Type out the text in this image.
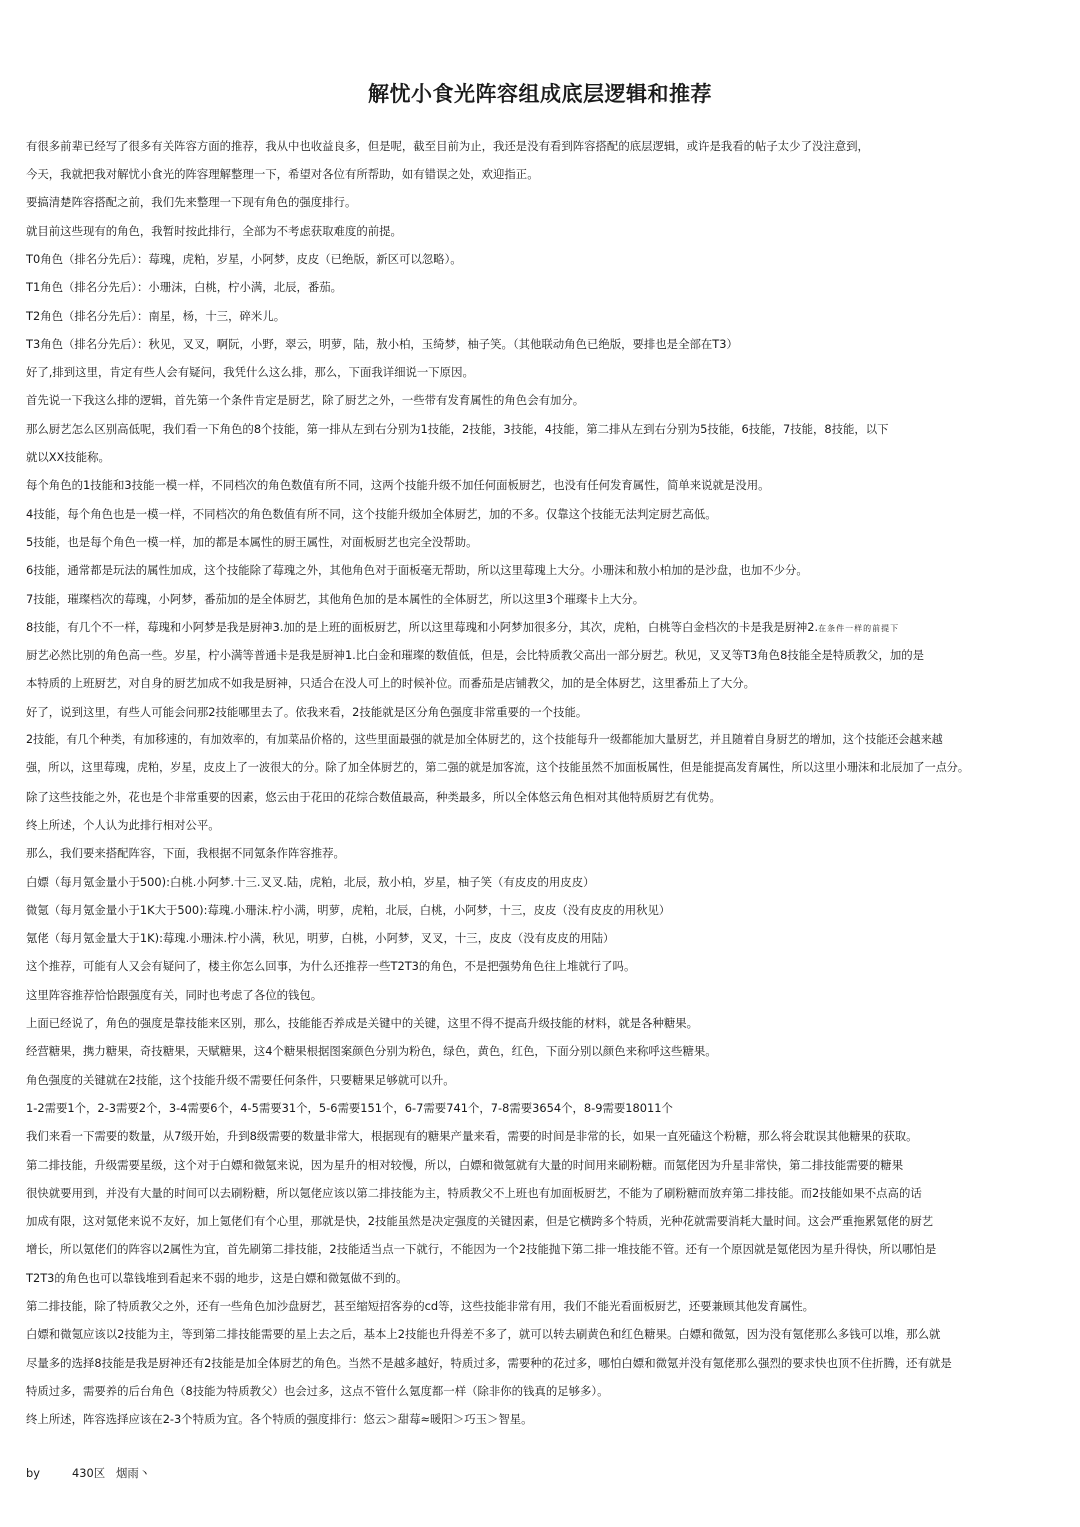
解忧小食光阵容组成底层逻辑和推荐

有很多前辈已经写了很多有关阵容方面的推荐，我从中也收益良多，但是呢，截至目前为止，我还是没有看到阵容搭配的底层逻辑，或许是我看的帖子太少了没注意到，

今天，我就把我对解忧小食光的阵容理解整理一下，希望对各位有所帮助，如有错误之处，欢迎指正。

要搞清楚阵容搭配之前，我们先来整理一下现有角色的强度排行。

就目前这些现有的角色，我暂时按此排行，全部为不考虑获取难度的前提。

T0角色（排名分先后）：莓瑰，虎粕，岁星，小阿梦，皮皮（已绝版，新区可以忽略）。

T1角色（排名分先后）：小珊沫，白桃，柠小满，北辰，番茄。

T2角色（排名分先后）：南星，杨，十三，碎米儿。

T3角色（排名分先后）：秋见，叉叉，啊阮，小野，翠云，明萝，陆，敖小柏，玉绮梦，柚子笑。（其他联动角色已绝版，要排也是全部在T3）

好了,排到这里，肯定有些人会有疑问，我凭什么这么排，那么，下面我详细说一下原因。

首先说一下我这么排的逻辑，首先第一个条件肯定是厨艺，除了厨艺之外，一些带有发育属性的角色会有加分。

那么厨艺怎么区别高低呢，我们看一下角色的8个技能，第一排从左到右分别为1技能，2技能，3技能，4技能，第二排从左到右分别为5技能，6技能，7技能，8技能，以下

就以XX技能称。

每个角色的1技能和3技能一模一样，不同档次的角色数值有所不同，这两个技能升级不加任何面板厨艺，也没有任何发育属性，简单来说就是没用。

4技能，每个角色也是一模一样，不同档次的角色数值有所不同，这个技能升级加全体厨艺，加的不多。仅靠这个技能无法判定厨艺高低。

5技能，也是每个角色一模一样，加的都是本属性的厨王属性，对面板厨艺也完全没帮助。

6技能，通常都是玩法的属性加成，这个技能除了莓瑰之外，其他角色对于面板毫无帮助，所以这里莓瑰上大分。小珊沫和敖小柏加的是沙盘，也加不少分。

7技能，璀璨档次的莓瑰，小阿梦，番茄加的是全体厨艺，其他角色加的是本属性的全体厨艺，所以这里3个璀璨卡上大分。

8技能，有几个不一样，莓瑰和小阿梦是我是厨神3.加的是上班的面板厨艺，所以这里莓瑰和小阿梦加很多分，其次，虎粕，白桃等白金档次的卡是我是厨神2.在条件一样的前提下

厨艺必然比别的角色高一些。岁星，柠小满等普通卡是我是厨神1.比白金和璀璨的数值低，但是，会比特质教父高出一部分厨艺。秋见，叉叉等T3角色8技能全是特质教父，加的是

本特质的上班厨艺，对自身的厨艺加成不如我是厨神，只适合在没人可上的时候补位。而番茄是店铺教父，加的是全体厨艺，这里番茄上了大分。

好了，说到这里，有些人可能会问那2技能哪里去了。依我来看，2技能就是区分角色强度非常重要的一个技能。

2技能，有几个种类，有加移速的，有加效率的，有加菜品价格的，这些里面最强的就是加全体厨艺的，这个技能每升一级都能加大量厨艺，并且随着自身厨艺的增加，这个技能还会越来越

强，所以，这里莓瑰，虎粕，岁星，皮皮上了一波很大的分。除了加全体厨艺的，第二强的就是加客流，这个技能虽然不加面板属性，但是能提高发育属性，所以这里小珊沫和北辰加了一点分。

除了这些技能之外，花也是个非常重要的因素，悠云由于花田的花综合数值最高，种类最多，所以全体悠云角色相对其他特质厨艺有优势。

终上所述，个人认为此排行相对公平。

那么，我们要来搭配阵容，下面，我根据不同氪条作阵容推荐。

白嫖（每月氪金量小于500):白桃.小阿梦.十三.叉叉.陆，虎粕，北辰，敖小柏，岁星，柚子笑（有皮皮的用皮皮）

微氪（每月氪金量小于1K大于500):莓瑰.小珊沫.柠小满，明萝，虎粕，北辰，白桃，小阿梦，十三，皮皮（没有皮皮的用秋见）

氪佬（每月氪金量大于1K):莓瑰.小珊沫.柠小满，秋见，明萝，白桃，小阿梦，叉叉，十三，皮皮（没有皮皮的用陆）

这个推荐，可能有人又会有疑问了，楼主你怎么回事，为什么还推荐一些T2T3的角色，不是把强势角色往上堆就行了吗。

这里阵容推荐恰恰跟强度有关，同时也考虑了各位的钱包。

上面已经说了，角色的强度是靠技能来区别，那么，技能能否养成是关键中的关键，这里不得不提高升级技能的材料，就是各种糖果。

经营糖果，携力糖果，奇技糖果，天赋糖果，这4个糖果根据图案颜色分别为粉色，绿色，黄色，红色，下面分别以颜色来称呼这些糖果。

角色强度的关键就在2技能，这个技能升级不需要任何条件，只要糖果足够就可以升。

1-2需要1个，2-3需要2个，3-4需要6个，4-5需要31个，5-6需要151个，6-7需要741个，7-8需要3654个，8-9需要18011个

我们来看一下需要的数量，从7级开始，升到8级需要的数量非常大，根据现有的糖果产量来看，需要的时间是非常的长，如果一直死磕这个粉糖，那么将会耽误其他糖果的获取。

第二排技能，升级需要星级，这个对于白嫖和微氪来说，因为星升的相对较慢，所以，白嫖和微氪就有大量的时间用来刷粉糖。而氪佬因为升星非常快，第二排技能需要的糖果

很快就要用到，并没有大量的时间可以去刷粉糖，所以氪佬应该以第二排技能为主，特质教父不上班也有加面板厨艺，不能为了刷粉糖而放弃第二排技能。而2技能如果不点高的话

加成有限，这对氪佬来说不友好，加上氪佬们有个心里，那就是快，2技能虽然是决定强度的关键因素，但是它横跨多个特质，光种花就需要消耗大量时间。这会严重拖累氪佬的厨艺

增长，所以氪佬们的阵容以2属性为宜，首先刷第二排技能，2技能适当点一下就行，不能因为一个2技能抛下第二排一堆技能不管。还有一个原因就是氪佬因为星升得快，所以哪怕是

T2T3的角色也可以靠钱堆到看起来不弱的地步，这是白嫖和微氪做不到的。

第二排技能，除了特质教父之外，还有一些角色加沙盘厨艺，甚至缩短招客券的cd等，这些技能非常有用，我们不能光看面板厨艺，还要兼顾其他发育属性。

白嫖和微氪应该以2技能为主，等到第二排技能需要的星上去之后，基本上2技能也升得差不多了，就可以转去刷黄色和红色糖果。白嫖和微氪，因为没有氪佬那么多钱可以堆，那么就

尽量多的选择8技能是我是厨神还有2技能是加全体厨艺的角色。当然不是越多越好，特质过多，需要种的花过多，哪怕白嫖和微氪并没有氪佬那么强烈的要求快也顶不住折腾，还有就是

特质过多，需要养的后台角色（8技能为特质教父）也会过多，这点不管什么氪度都一样（除非你的钱真的足够多）。

终上所述，阵容选择应该在2-3个特质为宜。各个特质的强度排行：悠云＞甜莓≈暖阳＞巧玉＞智星。

by	430区 烟雨丶
